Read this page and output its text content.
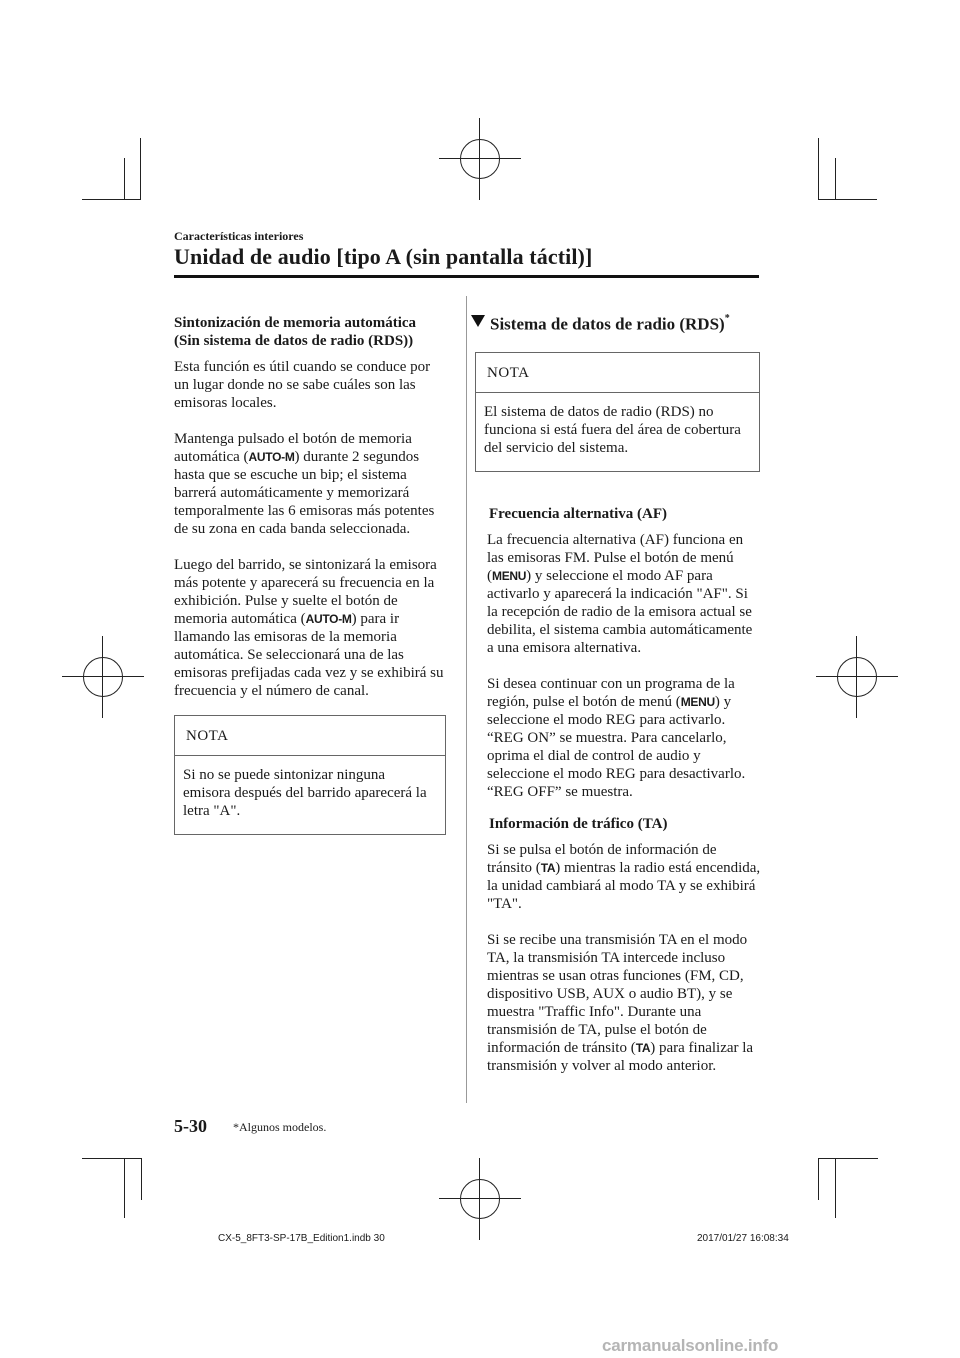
Características interiores
Unidad de audio [tipo A (sin pantalla táctil)]
Sintonización de memoria automática
(Sin sistema de datos de radio (RDS))
Esta función es útil cuando se conduce por un lugar donde no se sabe cuáles son las emisoras locales.
Mantenga pulsado el botón de memoria automática (AUTO-M) durante 2 segundos hasta que se escuche un bip; el sistema barrerá automáticamente y memorizará temporalmente las 6 emisoras más potentes de su zona en cada banda seleccionada.
Luego del barrido, se sintonizará la emisora más potente y aparecerá su frecuencia en la exhibición. Pulse y suelte el botón de memoria automática (AUTO-M) para ir llamando las emisoras de la memoria automática. Se seleccionará una de las emisoras prefijadas cada vez y se exhibirá su frecuencia y el número de canal.
NOTA
Si no se puede sintonizar ninguna emisora después del barrido aparecerá la letra "A".
Sistema de datos de radio (RDS)*
NOTA
El sistema de datos de radio (RDS) no funciona si está fuera del área de cobertura del servicio del sistema.
Frecuencia alternativa (AF)
La frecuencia alternativa (AF) funciona en las emisoras FM. Pulse el botón de menú (MENU) y seleccione el modo AF para activarlo y aparecerá la indicación "AF". Si la recepción de radio de la emisora actual se debilita, el sistema cambia automáticamente a una emisora alternativa.
Si desea continuar con un programa de la región, pulse el botón de menú (MENU) y seleccione el modo REG para activarlo. “REG ON” se muestra. Para cancelarlo, oprima el dial de control de audio y seleccione el modo REG para desactivarlo. “REG OFF” se muestra.
Información de tráfico (TA)
Si se pulsa el botón de información de tránsito (TA) mientras la radio está encendida, la unidad cambiará al modo TA y se exhibirá "TA".
Si se recibe una transmisión TA en el modo TA, la transmisión TA intercede incluso mientras se usan otras funciones (FM, CD, dispositivo USB, AUX o audio BT), y se muestra "Traffic Info". Durante una transmisión de TA, pulse el botón de información de tránsito (TA) para finalizar la transmisión y volver al modo anterior.
5-30 *Algunos modelos.
CX-5_8FT3-SP-17B_Edition1.indb 30	2017/01/27 16:08:34
carmanualsonline.info
